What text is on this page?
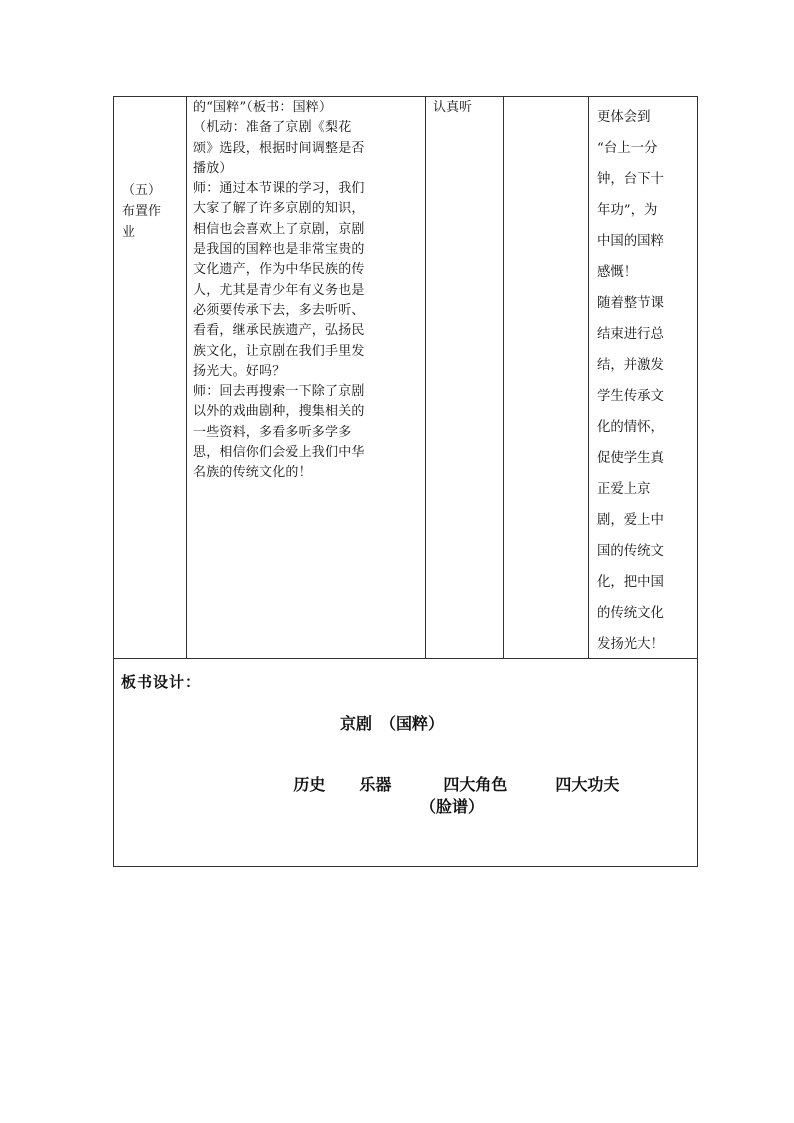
（五）
布置作
业
的“国粹”（板书：国粹）
（机动：准备了京剧《梨花
颂》选段，根据时间调整是否
播放）
师：通过本节课的学习，我们
大家了解了许多京剧的知识，
相信也会喜欢上了京剧，京剧
是我国的国粹也是非常宝贵的
文化遗产，作为中华民族的传
人，尤其是青少年有义务也是
必须要传承下去，多去听听、
看看，继承民族遗产，弘扬民
族文化，让京剧在我们手里发
扬光大。好吗？
师：回去再搜索一下除了京剧
以外的戏曲剧种，搜集相关的
一些资料，多看多听多学多
思，相信你们会爱上我们中华
名族的传统文化的！
认真听
更体会到
“台上一分
钟，台下十
年功”，为
中国的国粹
感慨！
随着整节课
结束进行总
结，并激发
学生传承文
化的情怀，
促使学生真
正爱上京
剧，爱上中
国的传统文
化，把中国
的传统文化
发扬光大！
板书设计：
京剧　（国粹）

历史 乐器	四大角色	四大功夫

（脸谱）
